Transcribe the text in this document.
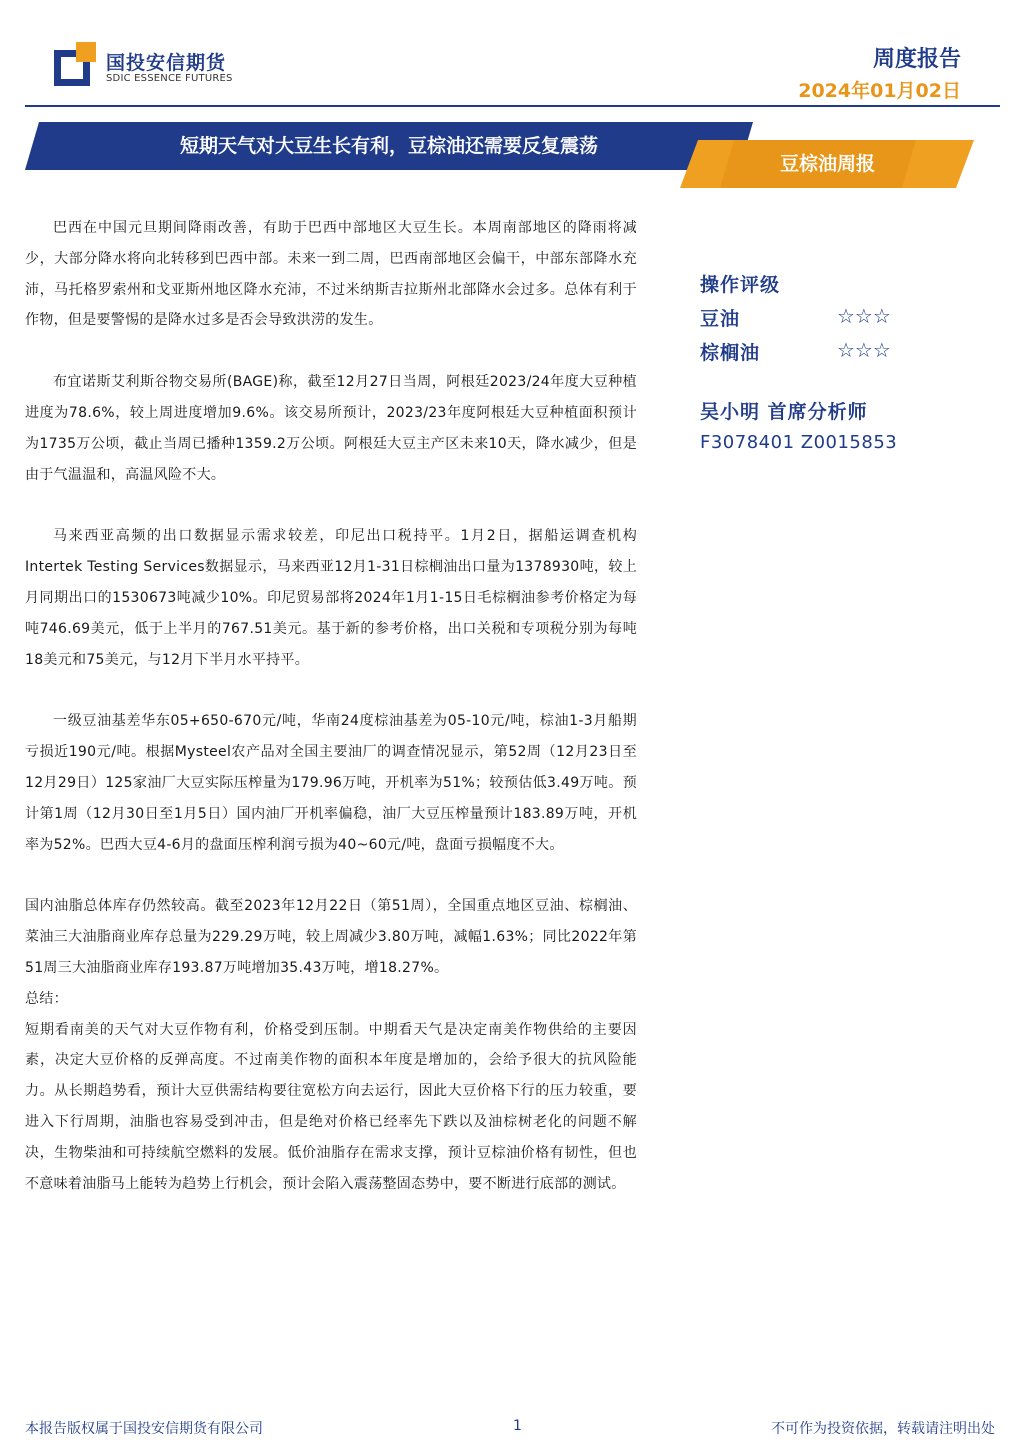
国投安信期货
SDIC ESSENCE FUTURES
周度报告
2024年01月02日
短期天气对大豆生长有利，豆棕油还需要反复震荡
豆棕油周报

巴西在中国元旦期间降雨改善，有助于巴西中部地区大豆生长。本周南部地区的降雨将减少，大部分降水将向北转移到巴西中部。未来一到二周，巴西南部地区会偏干，中部东部降水充沛，马托格罗索州和戈亚斯州地区降水充沛，不过米纳斯吉拉斯州北部降水会过多。总体有利于作物，但是要警惕的是降水过多是否会导致洪涝的发生。

布宜诺斯艾利斯谷物交易所(BAGE)称，截至12月27日当周，阿根廷2023/24年度大豆种植进度为78.6%，较上周进度增加9.6%。该交易所预计，2023/23年度阿根廷大豆种植面积预计为1735万公顷，截止当周已播种1359.2万公顷。阿根廷大豆主产区未来10天，降水减少，但是由于气温温和，高温风险不大。

马来西亚高频的出口数据显示需求较差，印尼出口税持平。1月2日，据船运调查机构Intertek Testing Services数据显示，马来西亚12月1-31日棕榈油出口量为1378930吨，较上月同期出口的1530673吨减少10%。印尼贸易部将2024年1月1-15日毛棕榈油参考价格定为每吨746.69美元，低于上半月的767.51美元。基于新的参考价格，出口关税和专项税分别为每吨18美元和75美元，与12月下半月水平持平。

一级豆油基差华东05+650-670元/吨，华南24度棕油基差为05-10元/吨，棕油1-3月船期亏损近190元/吨。根据Mysteel农产品对全国主要油厂的调查情况显示，第52周（12月23日至12月29日）125家油厂大豆实际压榨量为179.96万吨，开机率为51%；较预估低3.49万吨。预计第1周（12月30日至1月5日）国内油厂开机率偏稳，油厂大豆压榨量预计183.89万吨，开机率为52%。巴西大豆4-6月的盘面压榨利润亏损为40~60元/吨，盘面亏损幅度不大。

国内油脂总体库存仍然较高。截至2023年12月22日（第51周），全国重点地区豆油、棕榈油、菜油三大油脂商业库存总量为229.29万吨，较上周减少3.80万吨，减幅1.63%；同比2022年第51周三大油脂商业库存193.87万吨增加35.43万吨，增18.27%。

总结：

短期看南美的天气对大豆作物有利，价格受到压制。中期看天气是决定南美作物供给的主要因素，决定大豆价格的反弹高度。不过南美作物的面积本年度是增加的，会给予很大的抗风险能力。从长期趋势看，预计大豆供需结构要往宽松方向去运行，因此大豆价格下行的压力较重，要进入下行周期，油脂也容易受到冲击，但是绝对价格已经率先下跌以及油棕树老化的问题不解决，生物柴油和可持续航空燃料的发展。低价油脂存在需求支撑，预计豆棕油价格有韧性，但也不意味着油脂马上能转为趋势上行机会，预计会陷入震荡整固态势中，要不断进行底部的测试。

操作评级
豆油	☆☆☆
棕榈油	☆☆☆
吴小明 首席分析师
F3078401 Z0015853
本报告版权属于国投安信期货有限公司	1	不可作为投资依据，转载请注明出处
